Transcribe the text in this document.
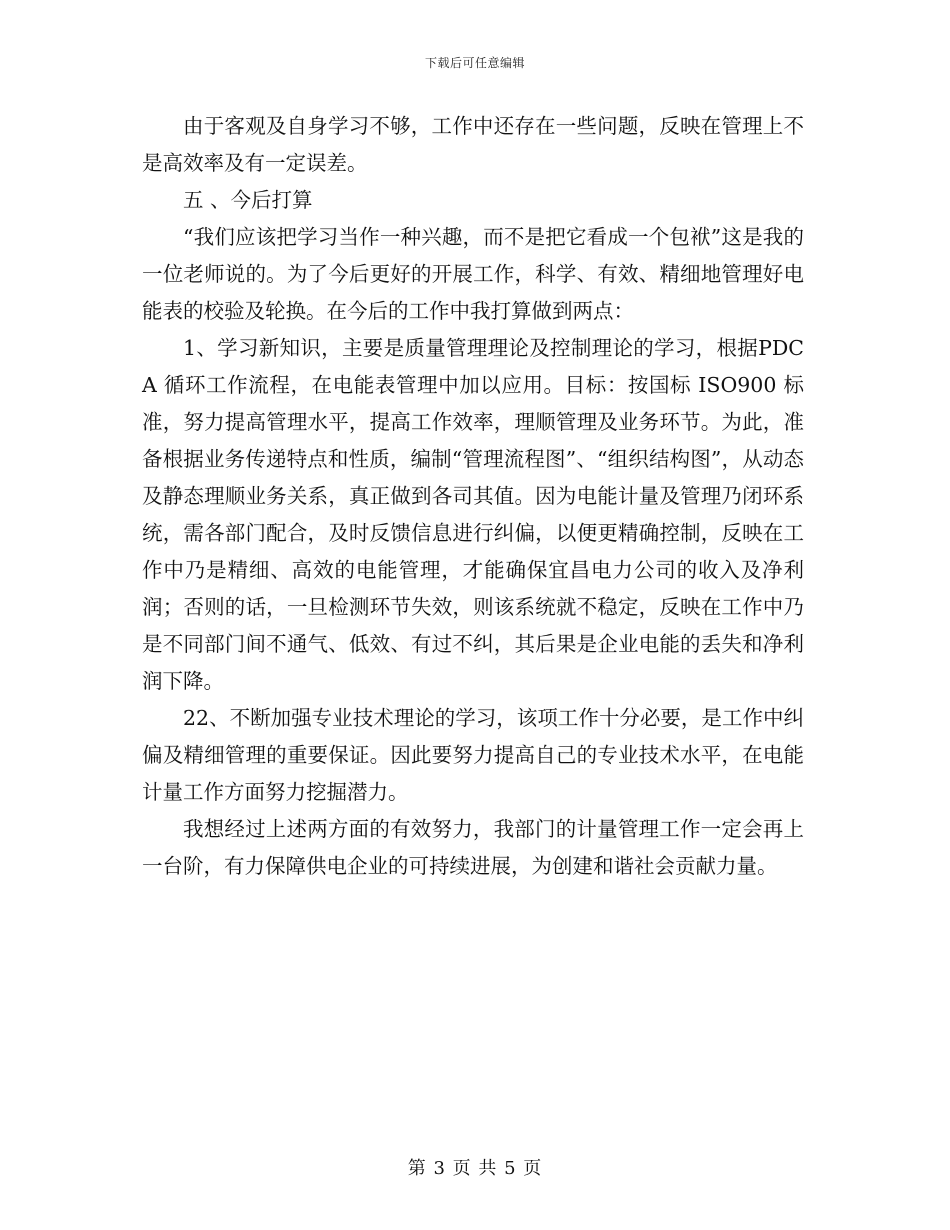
下载后可任意编辑

由于客观及自身学习不够，工作中还存在一些问题，反映在管理上不是高效率及有一定误差。

五 、今后打算

“我们应该把学习当作一种兴趣，而不是把它看成一个包袱”这是我的一位老师说的。为了今后更好的开展工作，科学、有效、精细地管理好电能表的校验及轮换。在今后的工作中我打算做到两点：

1、学习新知识，主要是质量管理理论及控制理论的学习，根据PDCA 循环工作流程，在电能表管理中加以应用。目标：按国标 ISO900 标准，努力提高管理水平，提高工作效率，理顺管理及业务环节。为此，准备根据业务传递特点和性质，编制“管理流程图”、“组织结构图”，从动态及静态理顺业务关系，真正做到各司其值。因为电能计量及管理乃闭环系统，需各部门配合，及时反馈信息进行纠偏，以便更精确控制，反映在工作中乃是精细、高效的电能管理，才能确保宜昌电力公司的收入及净利润；否则的话，一旦检测环节失效，则该系统就不稳定，反映在工作中乃是不同部门间不通气、低效、有过不纠，其后果是企业电能的丢失和净利润下降。

22、不断加强专业技术理论的学习，该项工作十分必要，是工作中纠偏及精细管理的重要保证。因此要努力提高自己的专业技术水平，在电能计量工作方面努力挖掘潜力。

我想经过上述两方面的有效努力，我部门的计量管理工作一定会再上一台阶，有力保障供电企业的可持续进展，为创建和谐社会贡献力量。

第 3 页 共 5 页
